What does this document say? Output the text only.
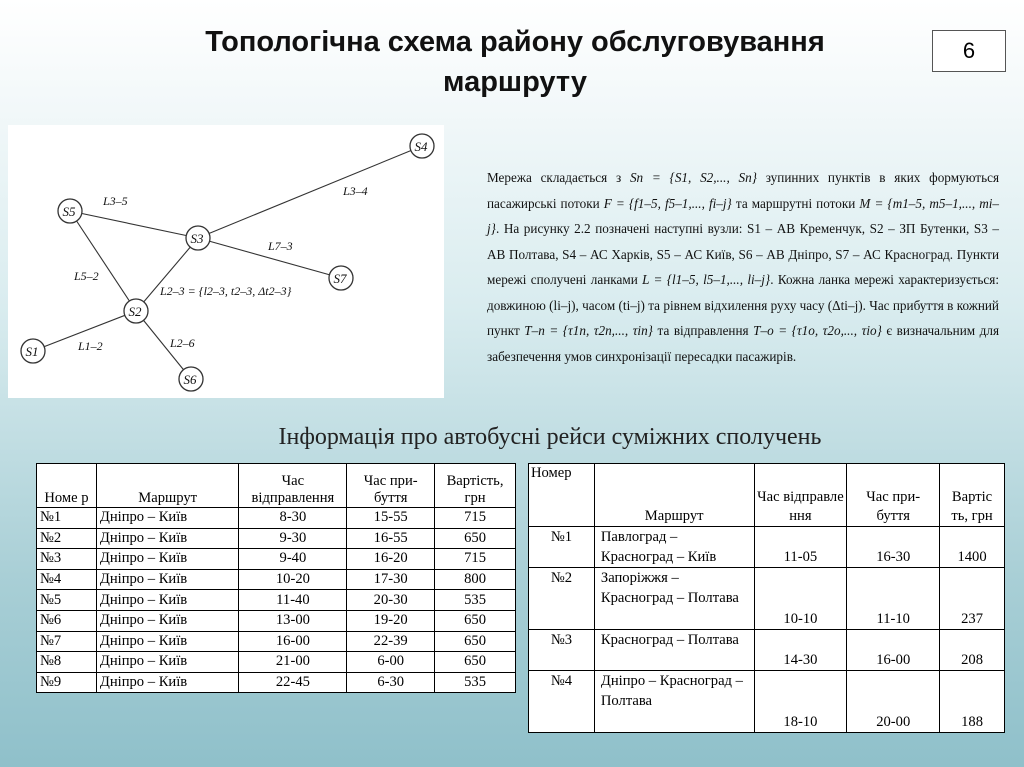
Топологічна схема району обслуговування
маршруту
6
S1
S2
S3
S4
S5
S6
S7
L1–2
L5–2
L3–5
L2–3 = {l2–3, t2–3, Δt2–3}
L3–4
L7–3
L2–6
Мережа складається з Sn = {S1, S2,..., Sn} зупинних пунктів в яких формуються пасажирські потоки F = {f1–5, f5–1,..., fi–j} та маршрутні потоки M = {m1–5, m5–1,..., mi–j}. На рисунку 2.2 позначені наступні вузли: S1 – АВ Кременчук, S2 – ЗП Бутенки, S3 – АВ Полтава, S4 – АС Харків, S5 – АС Київ, S6 – АВ Дніпро, S7 – АС Красноград. Пункти мережі сполучені ланками L = {l1–5, l5–1,..., li–j}. Кожна ланка мережі характеризується: довжиною (li–j), часом (ti–j) та рівнем відхилення руху часу (Δti–j). Час прибуття в кожний пункт T–n = {τ1n, τ2n,..., τin} та відправлення T–o = {τ1o, τ2o,..., τio} є визначальним для забезпечення умов синхронізації пересадки пасажирів.
Інформація про автобусні рейси суміжних сполучень
Номе р	Маршрут	Час відправлення	Час при- буття	Вартість, грн
№1	Дніпро – Київ	8-30	15-55	715
№2	Дніпро – Київ	9-30	16-55	650
№3	Дніпро – Київ	9-40	16-20	715
№4	Дніпро – Київ	10-20	17-30	800
№5	Дніпро – Київ	11-40	20-30	535
№6	Дніпро – Київ	13-00	19-20	650
№7	Дніпро – Київ	16-00	22-39	650
№8	Дніпро – Київ	21-00	6-00	650
№9	Дніпро – Київ	22-45	6-30	535
Номер	Маршрут	Час відправле ння	Час при- буття	Вартіс ть, грн
№1	Павлоград – Красноград – Київ	11-05	16-30	1400
№2	Запоріжжя – Красноград – Полтава	10-10	11-10	237
№3	Красноград – Полтава	14-30	16-00	208
№4	Дніпро – Красноград – Полтава	18-10	20-00	188
